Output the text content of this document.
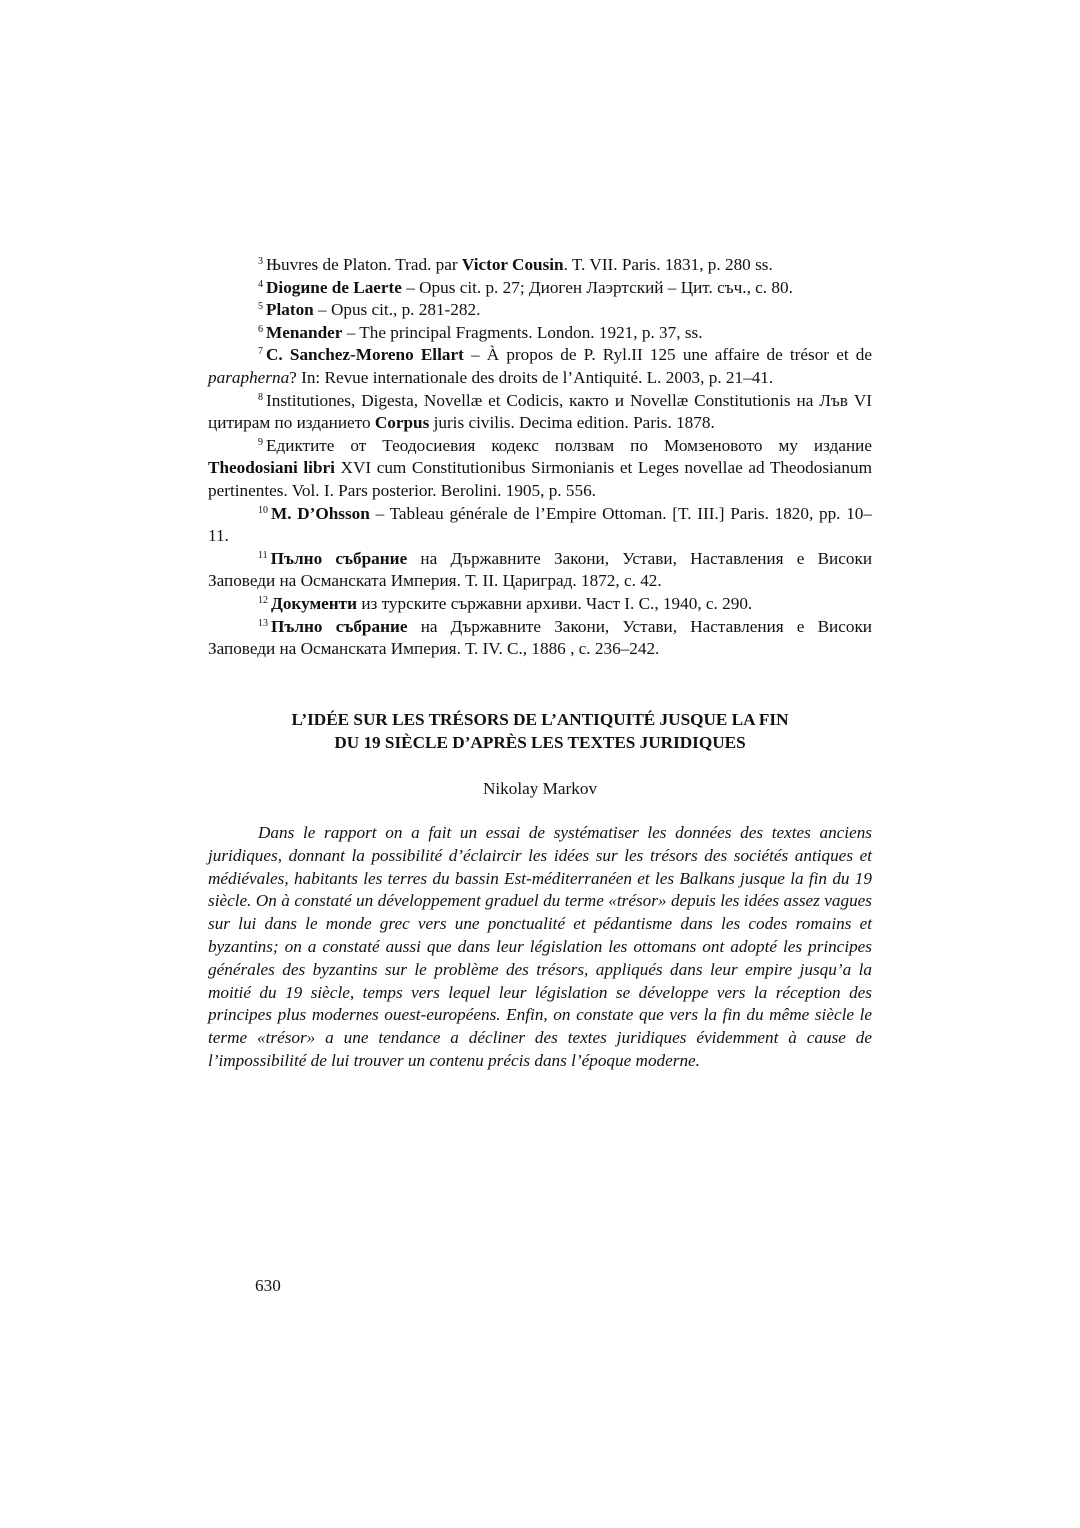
$^3$ Њuvres de Platon. Trad. par Victor Cousin. T. VII. Paris. 1831, p. 280 ss.

$^4$ Diogиne de Laerte – Opus cit. p. 27; Диоген Лаэртский – Цит. съч., с. 80.

$^5$ Platon – Opus cit., p. 281-282.

$^6$ Menander – The principal Fragments. London. 1921, p. 37, ss.

$^7$ C. Sanchez-Moreno Ellart – À propos de P. Ryl.II 125 une affaire de trésor et de parapherna? In: Revue internationale des droits de l’Antiquité. L. 2003, p. 21–41.

$^8$ Institutiones, Digesta, Novellæ et Codicis, както и Novellæ Constitutionis на Лъв VI цитирам по изданието Corpus juris civilis. Decima edition. Paris. 1878.

$^9$ Едиктите от Теодосиевия кодекс ползвам по Момзеновото му издание Theodosiani libri XVI cum Constitutionibus Sirmonianis et Leges novellae ad Theodosianum pertinentes. Vol. I. Pars posterior. Berolini. 1905, p. 556.

$^{10}$ M. D’Ohsson – Tableau générale de l’Empire Ottoman. [T. III.] Paris. 1820, pp. 10–11.

$^{11}$ Пълно събрание на Държавните Закони, Устави, Наставления е Високи Заповеди на Османската Империя. Т. II. Цариград. 1872, с. 42.

$^{12}$ Документи из турските сържавни архиви. Част I. С., 1940, с. 290.

$^{13}$ Пълно събрание на Държавните Закони, Устави, Наставления е Високи Заповеди на Османската Империя. Т. IV. С., 1886 , с. 236–242.

L’IDÉE SUR LES TRÉSORS DE L’ANTIQUITÉ JUSQUE LA FIN
DU 19 SIÈCLE D’APRÈS LES TEXTES JURIDIQUES

Nikolay Markov

Dans le rapport on a fait un essai de systématiser les données des textes anciens juridiques, donnant la possibilité d’éclaircir les idées sur les trésors des sociétés antiques et médiévales, habitants les terres du bassin Est-méditerranéen et les Balkans jusque la fin du 19 siècle. On à constaté un développement graduel du terme «trésor» depuis les idées assez vagues sur lui dans le monde grec vers une ponctualité et pédantisme dans les codes romains et byzantins; on a constaté aussi que dans leur législation les ottomans ont adopté les principes générales des byzantins sur le problème des trésors, appliqués dans leur empire jusqu’a la moitié du 19 siècle, temps vers lequel leur législation se développe vers la réception des principes plus modernes ouest-européens. Enfin, on constate que vers la fin du même siècle le terme «trésor» a une tendance a décliner des textes juridiques évidemment à cause de l’impossibilité de lui trouver un contenu précis dans l’époque moderne.

630
